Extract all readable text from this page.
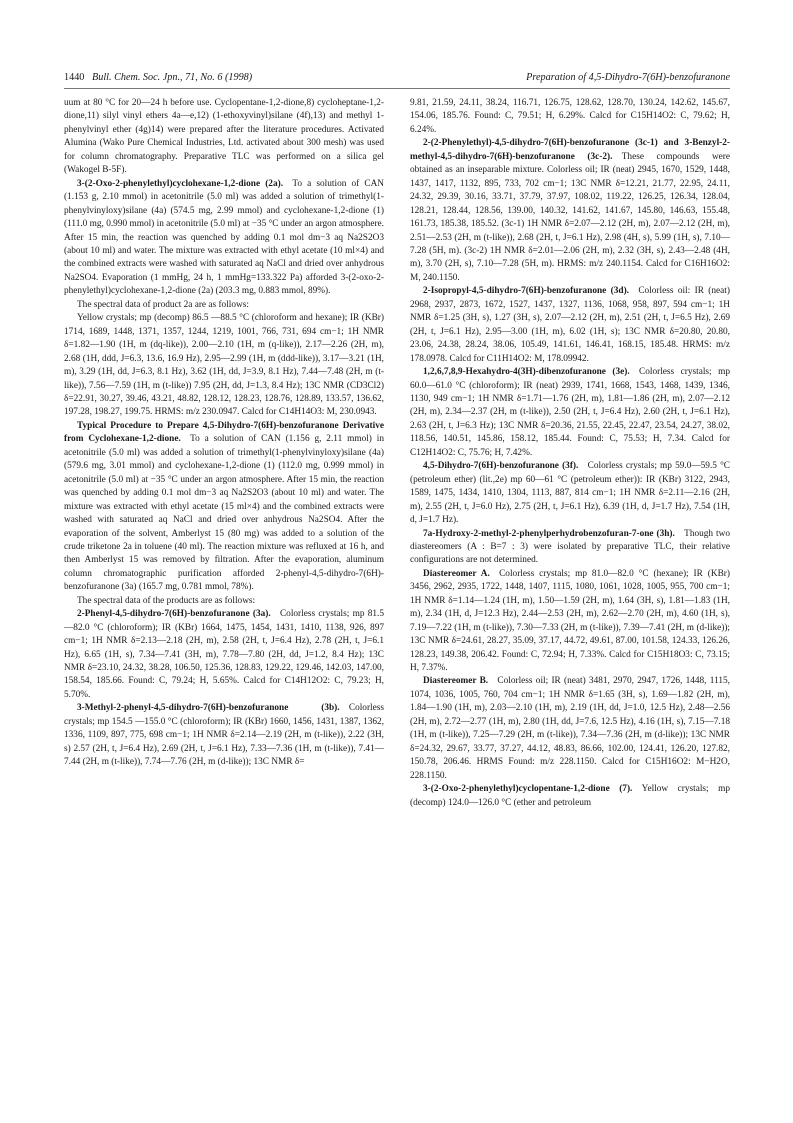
1440 Bull. Chem. Soc. Jpn., 71, No. 6 (1998)	Preparation of 4,5-Dihydro-7(6H)-benzofuranone

uum at 80 °C for 20—24 h before use. Cyclopentane-1,2-dione,8) cycloheptane-1,2-dione,11) silyl vinyl ethers 4a—e,12) (1-ethoxyvinyl)silane (4f),13) and methyl 1-phenylvinyl ether (4g)14) were prepared after the literature procedures. Activated Alumina (Wako Pure Chemical Industries, Ltd. activated about 300 mesh) was used for column chromatography. Preparative TLC was performed on a silica gel (Wakogel B-5F).

3-(2-Oxo-2-phenylethyl)cyclohexane-1,2-dione (2a).  To a solution of CAN (1.153 g, 2.10 mmol) in acetonitrile (5.0 ml) was added a solution of trimethyl(1-phenylvinyloxy)silane (4a) (574.5 mg, 2.99 mmol) and cyclohexane-1,2-dione (1) (111.0 mg, 0.990 mmol) in acetonitrile (5.0 ml) at −35 °C under an argon atmosphere. After 15 min, the reaction was quenched by adding 0.1 mol dm−3 aq Na2S2O3 (about 10 ml) and water. The mixture was extracted with ethyl acetate (10 ml×4) and the combined extracts were washed with saturated aq NaCl and dried over anhydrous Na2SO4. Evaporation (1 mmHg, 24 h, 1 mmHg=133.322 Pa) afforded 3-(2-oxo-2-phenylethyl)cyclohexane-1,2-dione (2a) (203.3 mg, 0.883 mmol, 89%).

The spectral data of product 2a are as follows:

Yellow crystals; mp (decomp) 86.5 —88.5 °C (chloroform and hexane); IR (KBr) 1714, 1689, 1448, 1371, 1357, 1244, 1219, 1001, 766, 731, 694 cm−1; 1H NMR δ=1.82—1.90 (1H, m (dq-like)), 2.00—2.10 (1H, m (q-like)), 2.17—2.26 (2H, m), 2.68 (1H, ddd, J=6.3, 13.6, 16.9 Hz), 2.95—2.99 (1H, m (ddd-like)), 3.17—3.21 (1H, m), 3.29 (1H, dd, J=6.3, 8.1 Hz), 3.62 (1H, dd, J=3.9, 8.1 Hz), 7.44—7.48 (2H, m (t-like)), 7.56—7.59 (1H, m (t-like)) 7.95 (2H, dd, J=1.3, 8.4 Hz); 13C NMR (CD3Cl2) δ=22.91, 30.27, 39.46, 43.21, 48.82, 128.12, 128.23, 128.76, 128.89, 133.57, 136.62, 197.28, 198.27, 199.75. HRMS: m/z 230.0947. Calcd for C14H14O3: M, 230.0943.

Typical Procedure to Prepare 4,5-Dihydro-7(6H)-benzofuranone Derivative from Cyclohexane-1,2-dione.  To a solution of CAN (1.156 g, 2.11 mmol) in acetonitrile (5.0 ml) was added a solution of trimethyl(1-phenylvinyloxy)silane (4a) (579.6 mg, 3.01 mmol) and cyclohexane-1,2-dione (1) (112.0 mg, 0.999 mmol) in acetonitrile (5.0 ml) at −35 °C under an argon atmosphere. After 15 min, the reaction was quenched by adding 0.1 mol dm−3 aq Na2S2O3 (about 10 ml) and water. The mixture was extracted with ethyl acetate (15 ml×4) and the combined extracts were washed with saturated aq NaCl and dried over anhydrous Na2SO4. After the evaporation of the solvent, Amberlyst 15 (80 mg) was added to a solution of the crude triketone 2a in toluene (40 ml). The reaction mixture was refluxed at 16 h, and then Amberlyst 15 was removed by filtration. After the evaporation, aluminum column chromatographic purification afforded 2-phenyl-4,5-dihydro-7(6H)-benzofuranone (3a) (165.7 mg, 0.781 mmol, 78%).

The spectral data of the products are as follows:

2-Phenyl-4,5-dihydro-7(6H)-benzofuranone (3a).  Colorless crystals; mp 81.5—82.0 °C (chloroform); IR (KBr) 1664, 1475, 1454, 1431, 1410, 1138, 926, 897 cm−1; 1H NMR δ=2.13—2.18 (2H, m), 2.58 (2H, t, J=6.4 Hz), 2.78 (2H, t, J=6.1 Hz), 6.65 (1H, s), 7.34—7.41 (3H, m), 7.78—7.80 (2H, dd, J=1.2, 8.4 Hz); 13C NMR δ=23.10, 24.32, 38.28, 106.50, 125.36, 128.83, 129.22, 129.46, 142.03, 147.00, 158.54, 185.66. Found: C, 79.24; H, 5.65%. Calcd for C14H12O2: C, 79.23; H, 5.70%.

3-Methyl-2-phenyl-4,5-dihydro-7(6H)-benzofuranone (3b).  Colorless crystals; mp 154.5 —155.0 °C (chloroform); IR (KBr) 1660, 1456, 1431, 1387, 1362, 1336, 1109, 897, 775, 698 cm−1; 1H NMR δ=2.14—2.19 (2H, m (t-like)), 2.22 (3H, s) 2.57 (2H, t, J=6.4 Hz), 2.69 (2H, t, J=6.1 Hz), 7.33—7.36 (1H, m (t-like)), 7.41—7.44 (2H, m (t-like)), 7.74—7.76 (2H, m (d-like)); 13C NMR δ=

9.81, 21.59, 24.11, 38.24, 116.71, 126.75, 128.62, 128.70, 130.24, 142.62, 145.67, 154.06, 185.76. Found: C, 79.51; H, 6.29%. Calcd for C15H14O2: C, 79.62; H, 6.24%.

2-(2-Phenylethyl)-4,5-dihydro-7(6H)-benzofuranone (3c-1) and 3-Benzyl-2-methyl-4,5-dihydro-7(6H)-benzofuranone (3c-2).  These compounds were obtained as an inseparable mixture. Colorless oil; IR (neat) 2945, 1670, 1529, 1448, 1437, 1417, 1132, 895, 733, 702 cm−1; 13C NMR δ=12.21, 21.77, 22.95, 24.11, 24.32, 29.39, 30.16, 33.71, 37.79, 37.97, 108.02, 119.22, 126.25, 126.34, 128.04, 128.21, 128.44, 128.56, 139.00, 140.32, 141.62, 141.67, 145.80, 146.63, 155.48, 161.73, 185.38, 185.52. (3c-1) 1H NMR δ=2.07—2.12 (2H, m), 2.07—2.12 (2H, m), 2.51—2.53 (2H, m (t-like)), 2.68 (2H, t, J=6.1 Hz), 2.98 (4H, s), 5.99 (1H, s), 7.10—7.28 (5H, m). (3c-2) 1H NMR δ=2.01—2.06 (2H, m), 2.32 (3H, s), 2.43—2.48 (4H, m), 3.70 (2H, s), 7.10—7.28 (5H, m). HRMS: m/z 240.1154. Calcd for C16H16O2: M, 240.1150.

2-Isopropyl-4,5-dihydro-7(6H)-benzofuranone (3d).  Colorless oil: IR (neat) 2968, 2937, 2873, 1672, 1527, 1437, 1327, 1136, 1068, 958, 897, 594 cm−1; 1H NMR δ=1.25 (3H, s), 1.27 (3H, s), 2.07—2.12 (2H, m), 2.51 (2H, t, J=6.5 Hz), 2.69 (2H, t, J=6.1 Hz), 2.95—3.00 (1H, m), 6.02 (1H, s); 13C NMR δ=20.80, 20.80, 23.06, 24.38, 28.24, 38.06, 105.49, 141.61, 146.41, 168.15, 185.48. HRMS: m/z 178.0978. Calcd for C11H14O2: M, 178.09942.

1,2,6,7,8,9-Hexahydro-4(3H)-dibenzofuranone (3e).  Colorless crystals; mp 60.0—61.0 °C (chloroform); IR (neat) 2939, 1741, 1668, 1543, 1468, 1439, 1346, 1130, 949 cm−1; 1H NMR δ=1.71—1.76 (2H, m), 1.81—1.86 (2H, m), 2.07—2.12 (2H, m), 2.34—2.37 (2H, m (t-like)), 2.50 (2H, t, J=6.4 Hz), 2.60 (2H, t, J=6.1 Hz), 2.63 (2H, t, J=6.3 Hz); 13C NMR δ=20.36, 21.55, 22.45, 22.47, 23.54, 24.27, 38.02, 118.56, 140.51, 145.86, 158.12, 185.44. Found: C, 75.53; H, 7.34. Calcd for C12H14O2: C, 75.76; H, 7.42%.

4,5-Dihydro-7(6H)-benzofuranone (3f).  Colorless crystals; mp 59.0—59.5 °C (petroleum ether) (lit.,2e) mp 60—61 °C (petroleum ether)): IR (KBr) 3122, 2943, 1589, 1475, 1434, 1410, 1304, 1113, 887, 814 cm−1; 1H NMR δ=2.11—2.16 (2H, m), 2.55 (2H, t, J=6.0 Hz), 2.75 (2H, t, J=6.1 Hz), 6.39 (1H, d, J=1.7 Hz), 7.54 (1H, d, J=1.7 Hz).

7a-Hydroxy-2-methyl-2-phenylperhydrobenzofuran-7-one (3h).  Though two diastereomers (A : B=7 : 3) were isolated by preparative TLC, their relative configurations are not determined.

Diastereomer A.  Colorless crystals; mp 81.0—82.0 °C (hexane); IR (KBr) 3456, 2962, 2935, 1722, 1448, 1407, 1115, 1080, 1061, 1028, 1005, 955, 700 cm−1; 1H NMR δ=1.14—1.24 (1H, m), 1.50—1.59 (2H, m), 1.64 (3H, s), 1.81—1.83 (1H, m), 2.34 (1H, d, J=12.3 Hz), 2.44—2.53 (2H, m), 2.62—2.70 (2H, m), 4.60 (1H, s), 7.19—7.22 (1H, m (t-like)), 7.30—7.33 (2H, m (t-like)), 7.39—7.41 (2H, m (d-like)); 13C NMR δ=24.61, 28.27, 35.09, 37.17, 44.72, 49.61, 87.00, 101.58, 124.33, 126.26, 128.23, 149.38, 206.42. Found: C, 72.94; H, 7.33%. Calcd for C15H18O3: C, 73.15; H, 7.37%.

Diastereomer B.  Colorless oil; IR (neat) 3481, 2970, 2947, 1726, 1448, 1115, 1074, 1036, 1005, 760, 704 cm−1; 1H NMR δ=1.65 (3H, s), 1.69—1.82 (2H, m), 1.84—1.90 (1H, m), 2.03—2.10 (1H, m), 2.19 (1H, dd, J=1.0, 12.5 Hz), 2.48—2.56 (2H, m), 2.72—2.77 (1H, m), 2.80 (1H, dd, J=7.6, 12.5 Hz), 4.16 (1H, s), 7.15—7.18 (1H, m (t-like)), 7.25—7.29 (2H, m (t-like)), 7.34—7.36 (2H, m (d-like)); 13C NMR δ=24.32, 29.67, 33.77, 37.27, 44.12, 48.83, 86.66, 102.00, 124.41, 126.20, 127.82, 150.78, 206.46. HRMS Found: m/z 228.1150. Calcd for C15H16O2: M−H2O, 228.1150.

3-(2-Oxo-2-phenylethyl)cyclopentane-1,2-dione (7).  Yellow crystals; mp (decomp) 124.0—126.0 °C (ether and petroleum
